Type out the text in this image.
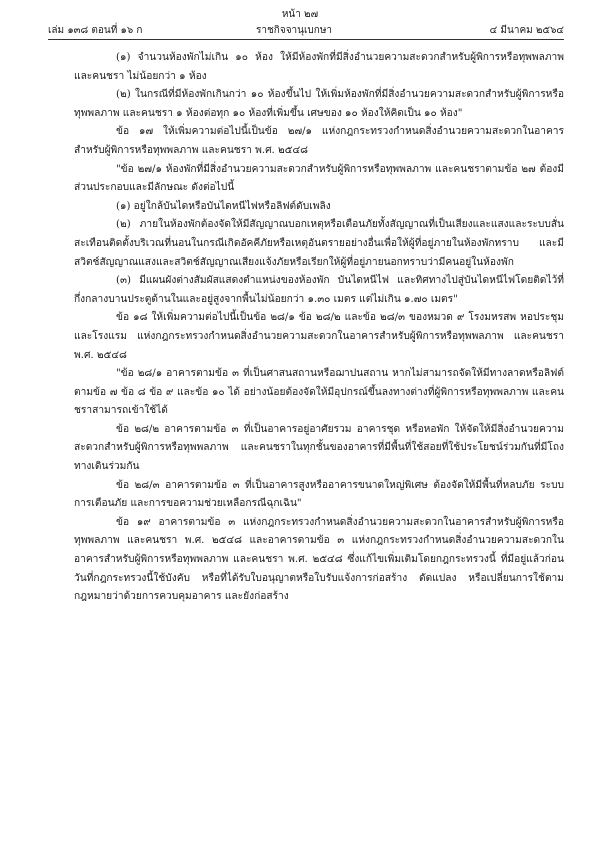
หน้า ๒๗
เล่ม ๑๓๘ ตอนที่ ๑๖ ก	ราชกิจจานุเบกษา	๔ มีนาคม ๒๕๖๔

(๑) จำนวนห้องพักไม่เกิน ๑๐ ห้อง ให้มีห้องพักที่มีสิ่งอำนวยความสะดวกสำหรับผู้พิการหรือทุพพลภาพ และคนชรา ไม่น้อยกว่า ๑ ห้อง

(๒) ในกรณีที่มีห้องพักเกินกว่า ๑๐ ห้องขึ้นไป ให้เพิ่มห้องพักที่มีสิ่งอำนวยความสะดวกสำหรับผู้พิการหรือทุพพลภาพ และคนชรา ๑ ห้องต่อทุก ๑๐ ห้องที่เพิ่มขึ้น เศษของ ๑๐ ห้องให้คิดเป็น ๑๐ ห้อง"

ข้อ ๑๗ ให้เพิ่มความต่อไปนี้เป็นข้อ ๒๗/๑ แห่งกฎกระทรวงกำหนดสิ่งอำนวยความสะดวกในอาคารสำหรับผู้พิการหรือทุพพลภาพ และคนชรา พ.ศ. ๒๕๔๘

"ข้อ ๒๗/๑ ห้องพักที่มีสิ่งอำนวยความสะดวกสำหรับผู้พิการหรือทุพพลภาพ และคนชราตามข้อ ๒๗ ต้องมีส่วนประกอบและมีลักษณะ ดังต่อไปนี้

(๑) อยู่ใกล้บันไดหรือบันไดหนีไฟหรือลิฟต์ดับเพลิง

(๒) ภายในห้องพักต้องจัดให้มีสัญญาณบอกเหตุหรือเตือนภัยทั้งสัญญาณที่เป็นเสียงและแสงและระบบสั่นสะเทือนติดตั้งบริเวณที่นอนในกรณีเกิดอัคคีภัยหรือเหตุอันตรายอย่างอื่นเพื่อให้ผู้ที่อยู่ภายในห้องพักทราบ และมีสวิตช์สัญญาณแสงและสวิตช์สัญญาณเสียงแจ้งภัยหรือเรียกให้ผู้ที่อยู่ภายนอกทราบว่ามีคนอยู่ในห้องพัก

(๓) มีแผนผังต่างสัมผัสแสดงตำแหน่งของห้องพัก บันไดหนีไฟ และทิศทางไปสู่บันไดหนีไฟโดยติดไว้ที่กึ่งกลางบานประตูด้านในและอยู่สูงจากพื้นไม่น้อยกว่า ๑.๓๐ เมตร แต่ไม่เกิน ๑.๗๐ เมตร"

ข้อ ๑๘ ให้เพิ่มความต่อไปนี้เป็นข้อ ๒๘/๑ ข้อ ๒๘/๒ และข้อ ๒๘/๓ ของหมวด ๙ โรงมหรสพ หอประชุม และโรงแรม แห่งกฎกระทรวงกำหนดสิ่งอำนวยความสะดวกในอาคารสำหรับผู้พิการหรือทุพพลภาพ และคนชรา พ.ศ. ๒๕๔๘

"ข้อ ๒๘/๑ อาคารตามข้อ ๓ ที่เป็นศาสนสถานหรือฌาปนสถาน หากไม่สามารถจัดให้มีทางลาดหรือลิฟต์ตามข้อ ๗ ข้อ ๘ ข้อ ๙ และข้อ ๑๐ ได้ อย่างน้อยต้องจัดให้มีอุปกรณ์ขึ้นลงทางต่างที่ผู้พิการหรือทุพพลภาพ และคนชราสามารถเข้าใช้ได้

ข้อ ๒๘/๒ อาคารตามข้อ ๓ ที่เป็นอาคารอยู่อาศัยรวม อาคารชุด หรือหอพัก ให้จัดให้มีสิ่งอำนวยความสะดวกสำหรับผู้พิการหรือทุพพลภาพ และคนชราในทุกชั้นของอาคารที่มีพื้นที่ใช้สอยที่ใช้ประโยชน์ร่วมกันที่มีโถงทางเดินร่วมกัน

ข้อ ๒๘/๓ อาคารตามข้อ ๓ ที่เป็นอาคารสูงหรืออาคารขนาดใหญ่พิเศษ ต้องจัดให้มีพื้นที่หลบภัย ระบบการเตือนภัย และการขอความช่วยเหลือกรณีฉุกเฉิน"

ข้อ ๑๙ อาคารตามข้อ ๓ แห่งกฎกระทรวงกำหนดสิ่งอำนวยความสะดวกในอาคารสำหรับผู้พิการหรือทุพพลภาพ และคนชรา พ.ศ. ๒๕๔๘ และอาคารตามข้อ ๓ แห่งกฎกระทรวงกำหนดสิ่งอำนวยความสะดวกในอาคารสำหรับผู้พิการหรือทุพพลภาพ และคนชรา พ.ศ. ๒๕๔๘ ซึ่งแก้ไขเพิ่มเติมโดยกฎกระทรวงนี้ ที่มีอยู่แล้วก่อนวันที่กฎกระทรวงนี้ใช้บังคับ หรือที่ได้รับใบอนุญาตหรือใบรับแจ้งการก่อสร้าง ดัดแปลง หรือเปลี่ยนการใช้ตามกฎหมายว่าด้วยการควบคุมอาคาร และยังก่อสร้าง
